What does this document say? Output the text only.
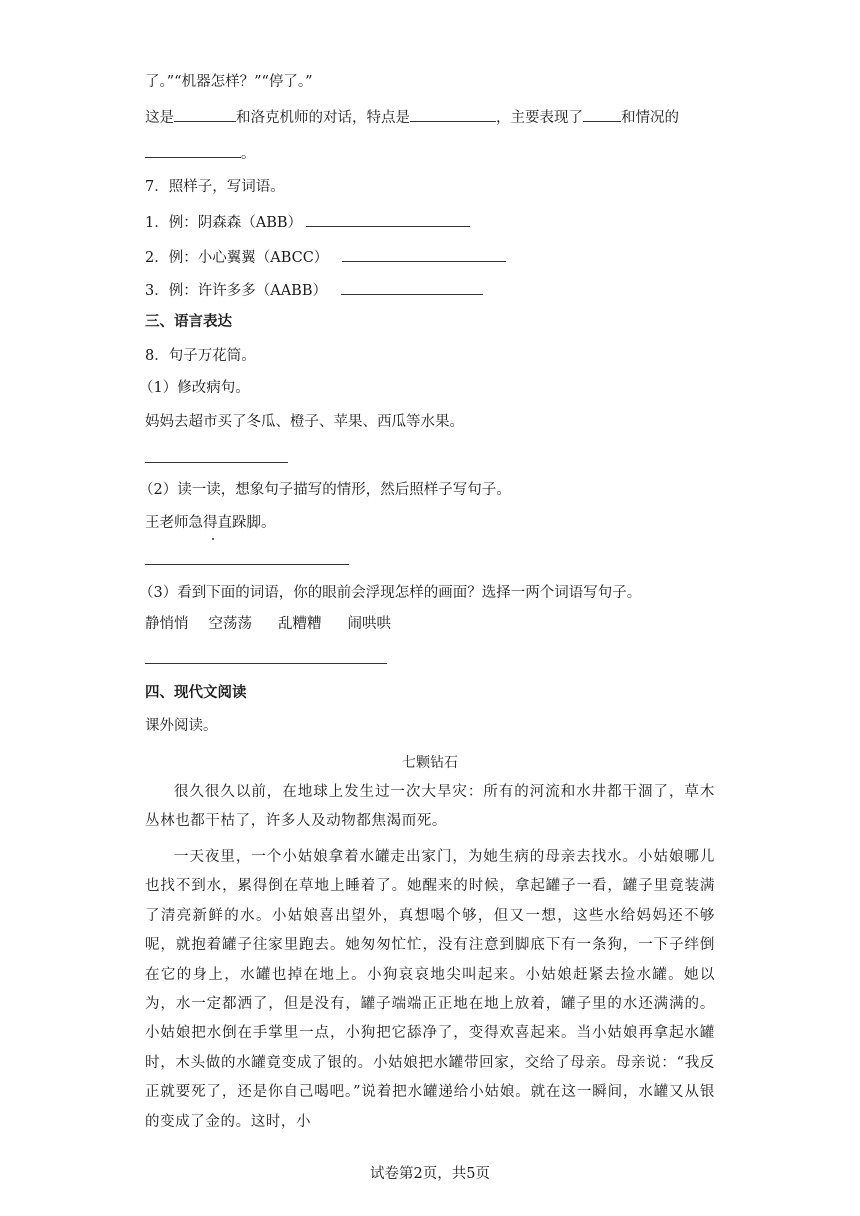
了。”“机器怎样？”“停了。”
这是	和洛克机师的对话，特点是	，主要表现了	和情况的
。
7．照样子，写词语。
1．例：阴森森（ABB）
2．例：小心翼翼（ABCC）
3．例：许许多多（AABB）
三、语言表达
8．句子万花筒。
（1）修改病句。
妈妈去超市买了冬瓜、橙子、苹果、西瓜等水果。
（2）读一读，想象句子描写的情形，然后照样子写句子。
王老师急得直跺脚。
（3）看到下面的词语，你的眼前会浮现怎样的画面？选择一两个词语写句子。
静悄悄 空荡荡 乱糟糟 闹哄哄
四、现代文阅读
课外阅读。
七颗钻石
很久很久以前，在地球上发生过一次大旱灾：所有的河流和水井都干涸了，草木丛林也都干枯了，许多人及动物都焦渴而死。
一天夜里，一个小姑娘拿着水罐走出家门，为她生病的母亲去找水。小姑娘哪儿也找不到水，累得倒在草地上睡着了。她醒来的时候，拿起罐子一看，罐子里竟装满了清亮新鲜的水。小姑娘喜出望外，真想喝个够，但又一想，这些水给妈妈还不够呢，就抱着罐子往家里跑去。她匆匆忙忙，没有注意到脚底下有一条狗，一下子绊倒在它的身上，水罐也掉在地上。小狗哀哀地尖叫起来。小姑娘赶紧去捡水罐。她以为，水一定都洒了，但是没有，罐子端端正正地在地上放着，罐子里的水还满满的。小姑娘把水倒在手掌里一点，小狗把它舔净了，变得欢喜起来。当小姑娘再拿起水罐时，木头做的水罐竟变成了银的。小姑娘把水罐带回家，交给了母亲。母亲说：“我反正就要死了，还是你自己喝吧。”说着把水罐递给小姑娘。就在这一瞬间，水罐又从银的变成了金的。这时，小
试卷第2页，共5页
